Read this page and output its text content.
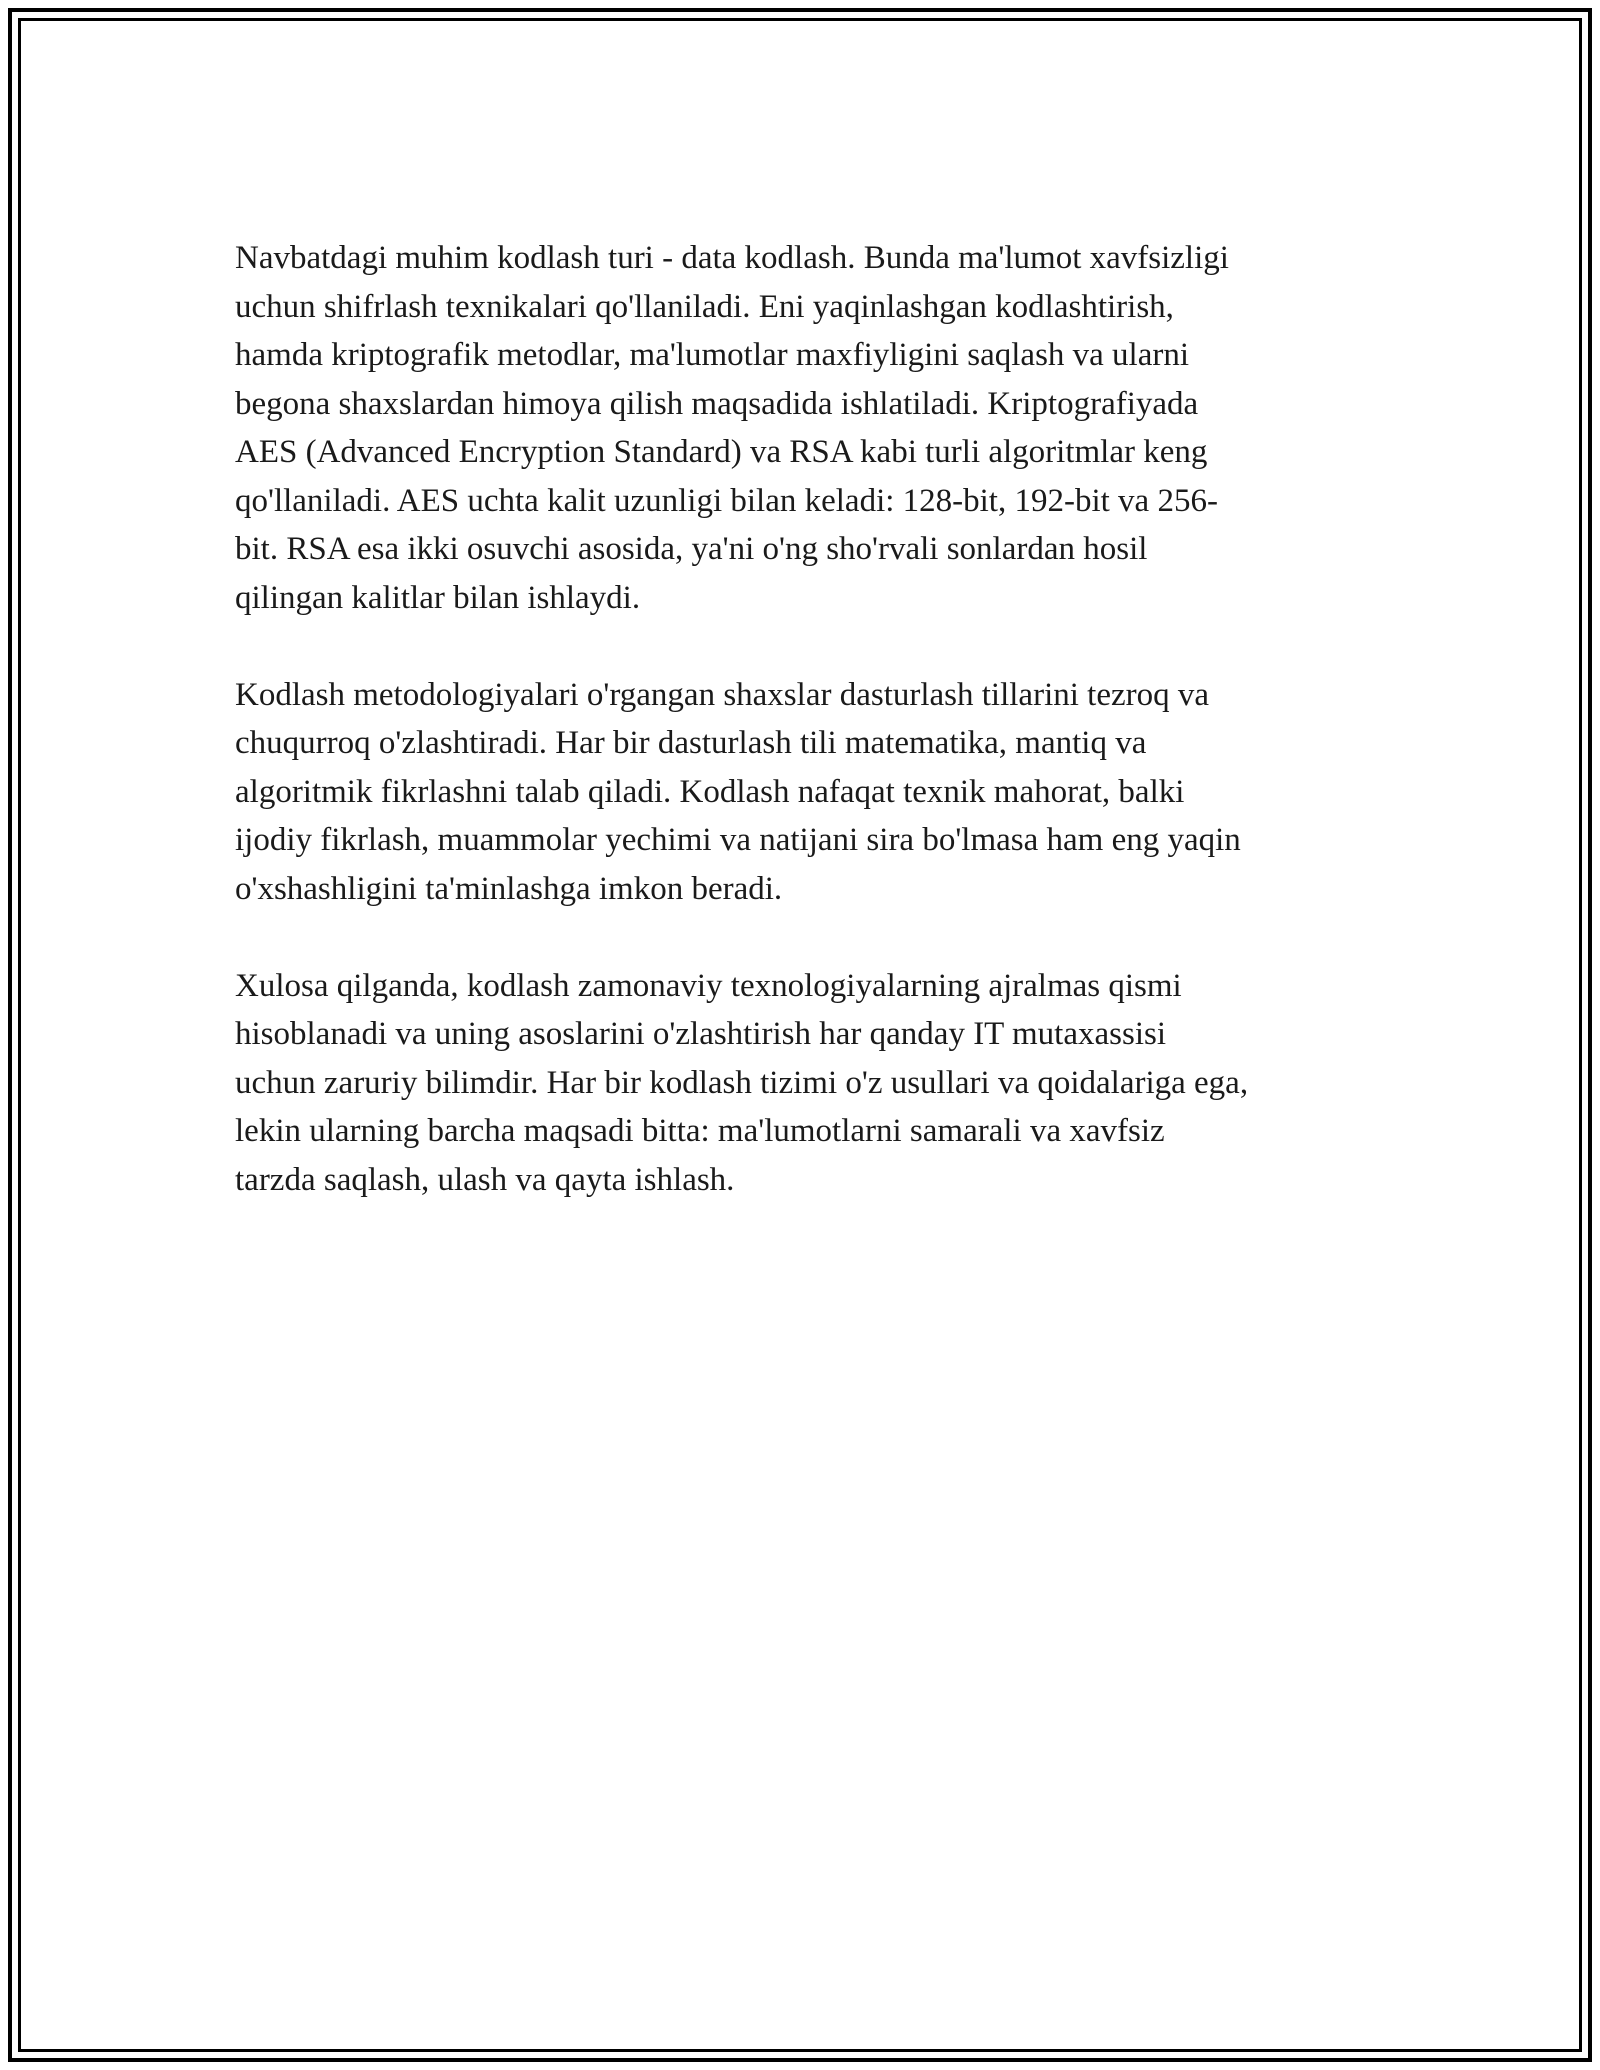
Navbatdagi muhim kodlash turi - data kodlash. Bunda ma'lumot xavfsizligi
uchun shifrlash texnikalari qo'llaniladi. Eni yaqinlashgan kodlashtirish,
hamda kriptografik metodlar, ma'lumotlar maxfiyligini saqlash va ularni
begona shaxslardan himoya qilish maqsadida ishlatiladi. Kriptografiyada
AES (Advanced Encryption Standard) va RSA kabi turli algoritmlar keng
qo'llaniladi. AES uchta kalit uzunligi bilan keladi: 128-bit, 192-bit va 256-
bit. RSA esa ikki osuvchi asosida, ya'ni o'ng sho'rvali sonlardan hosil
qilingan kalitlar bilan ishlaydi.

Kodlash metodologiyalari o'rgangan shaxslar dasturlash tillarini tezroq va
chuqurroq o'zlashtiradi. Har bir dasturlash tili matematika, mantiq va
algoritmik fikrlashni talab qiladi. Kodlash nafaqat texnik mahorat, balki
ijodiy fikrlash, muammolar yechimi va natijani sira bo'lmasa ham eng yaqin
o'xshashligini ta'minlashga imkon beradi.

Xulosa qilganda, kodlash zamonaviy texnologiyalarning ajralmas qismi
hisoblanadi va uning asoslarini o'zlashtirish har qanday IT mutaxassisi
uchun zaruriy bilimdir. Har bir kodlash tizimi o'z usullari va qoidalariga ega,
lekin ularning barcha maqsadi bitta: ma'lumotlarni samarali va xavfsiz
tarzda saqlash, ulash va qayta ishlash.
